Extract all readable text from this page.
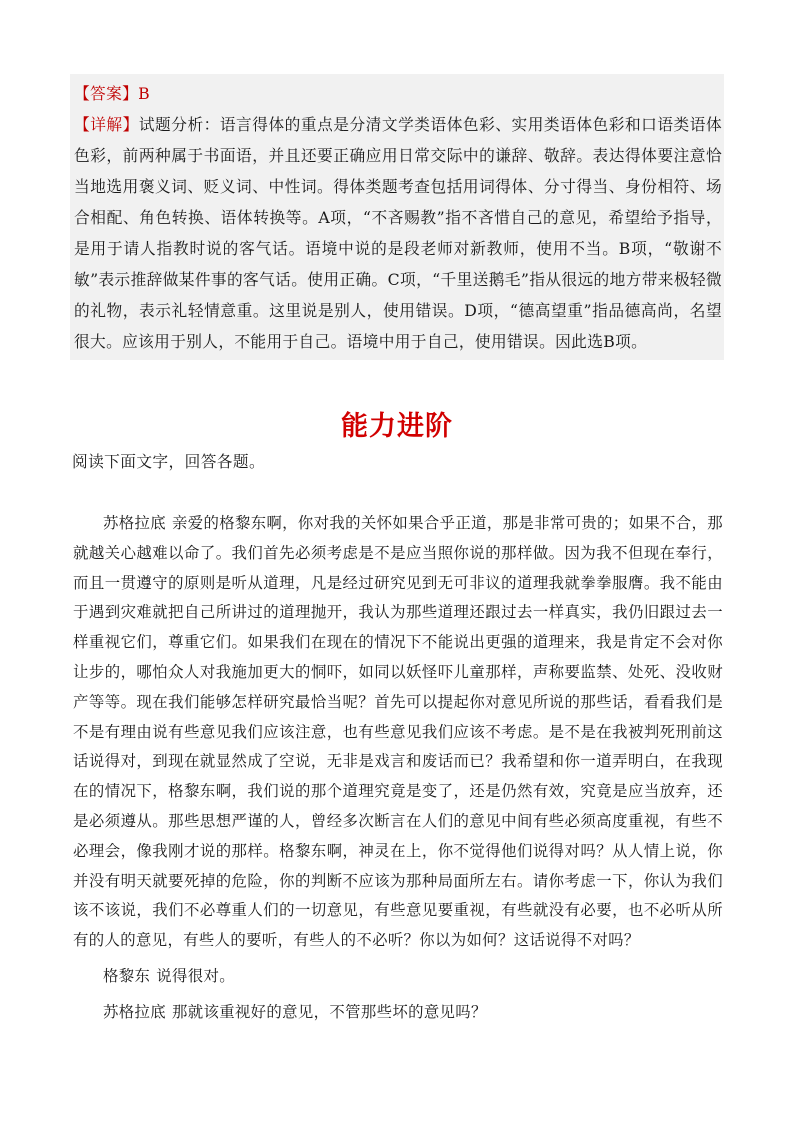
【答案】B

【详解】试题分析：语言得体的重点是分清文学类语体色彩、实用类语体色彩和口语类语体色彩，前两种属于书面语，并且还要正确应用日常交际中的谦辞、敬辞。表达得体要注意恰当地选用褒义词、贬义词、中性词。得体类题考查包括用词得体、分寸得当、身份相符、场合相配、角色转换、语体转换等。A项，“不吝赐教”指不吝惜自己的意见，希望给予指导，是用于请人指教时说的客气话。语境中说的是段老师对新教师，使用不当。B项，“敬谢不敏”表示推辞做某件事的客气话。使用正确。C项，“千里送鹅毛”指从很远的地方带来极轻微的礼物，表示礼轻情意重。这里说是别人，使用错误。D项，“德高望重”指品德高尚，名望很大。应该用于别人，不能用于自己。语境中用于自己，使用错误。因此选B项。

能力进阶

阅读下面文字，回答各题。

苏格拉底 亲爱的格黎东啊，你对我的关怀如果合乎正道，那是非常可贵的；如果不合，那就越关心越难以命了。我们首先必须考虑是不是应当照你说的那样做。因为我不但现在奉行，而且一贯遵守的原则是听从道理，凡是经过研究见到无可非议的道理我就拳拳服膺。我不能由于遇到灾难就把自己所讲过的道理抛开，我认为那些道理还跟过去一样真实，我仍旧跟过去一样重视它们，尊重它们。如果我们在现在的情况下不能说出更强的道理来，我是肯定不会对你让步的，哪怕众人对我施加更大的恫吓，如同以妖怪吓儿童那样，声称要监禁、处死、没收财产等等。现在我们能够怎样研究最恰当呢？首先可以提起你对意见所说的那些话，看看我们是不是有理由说有些意见我们应该注意，也有些意见我们应该不考虑。是不是在我被判死刑前这话说得对，到现在就显然成了空说，无非是戏言和废话而已？我希望和你一道弄明白，在我现在的情况下，格黎东啊，我们说的那个道理究竟是变了，还是仍然有效，究竟是应当放弃，还是必须遵从。那些思想严谨的人，曾经多次断言在人们的意见中间有些必须高度重视，有些不必理会，像我刚才说的那样。格黎东啊，神灵在上，你不觉得他们说得对吗？从人情上说，你并没有明天就要死掉的危险，你的判断不应该为那种局面所左右。请你考虑一下，你认为我们该不该说，我们不必尊重人们的一切意见，有些意见要重视，有些就没有必要，也不必听从所有的人的意见，有些人的要听，有些人的不必听？你以为如何？这话说得不对吗？

格黎东 说得很对。

苏格拉底 那就该重视好的意见，不管那些坏的意见吗？
